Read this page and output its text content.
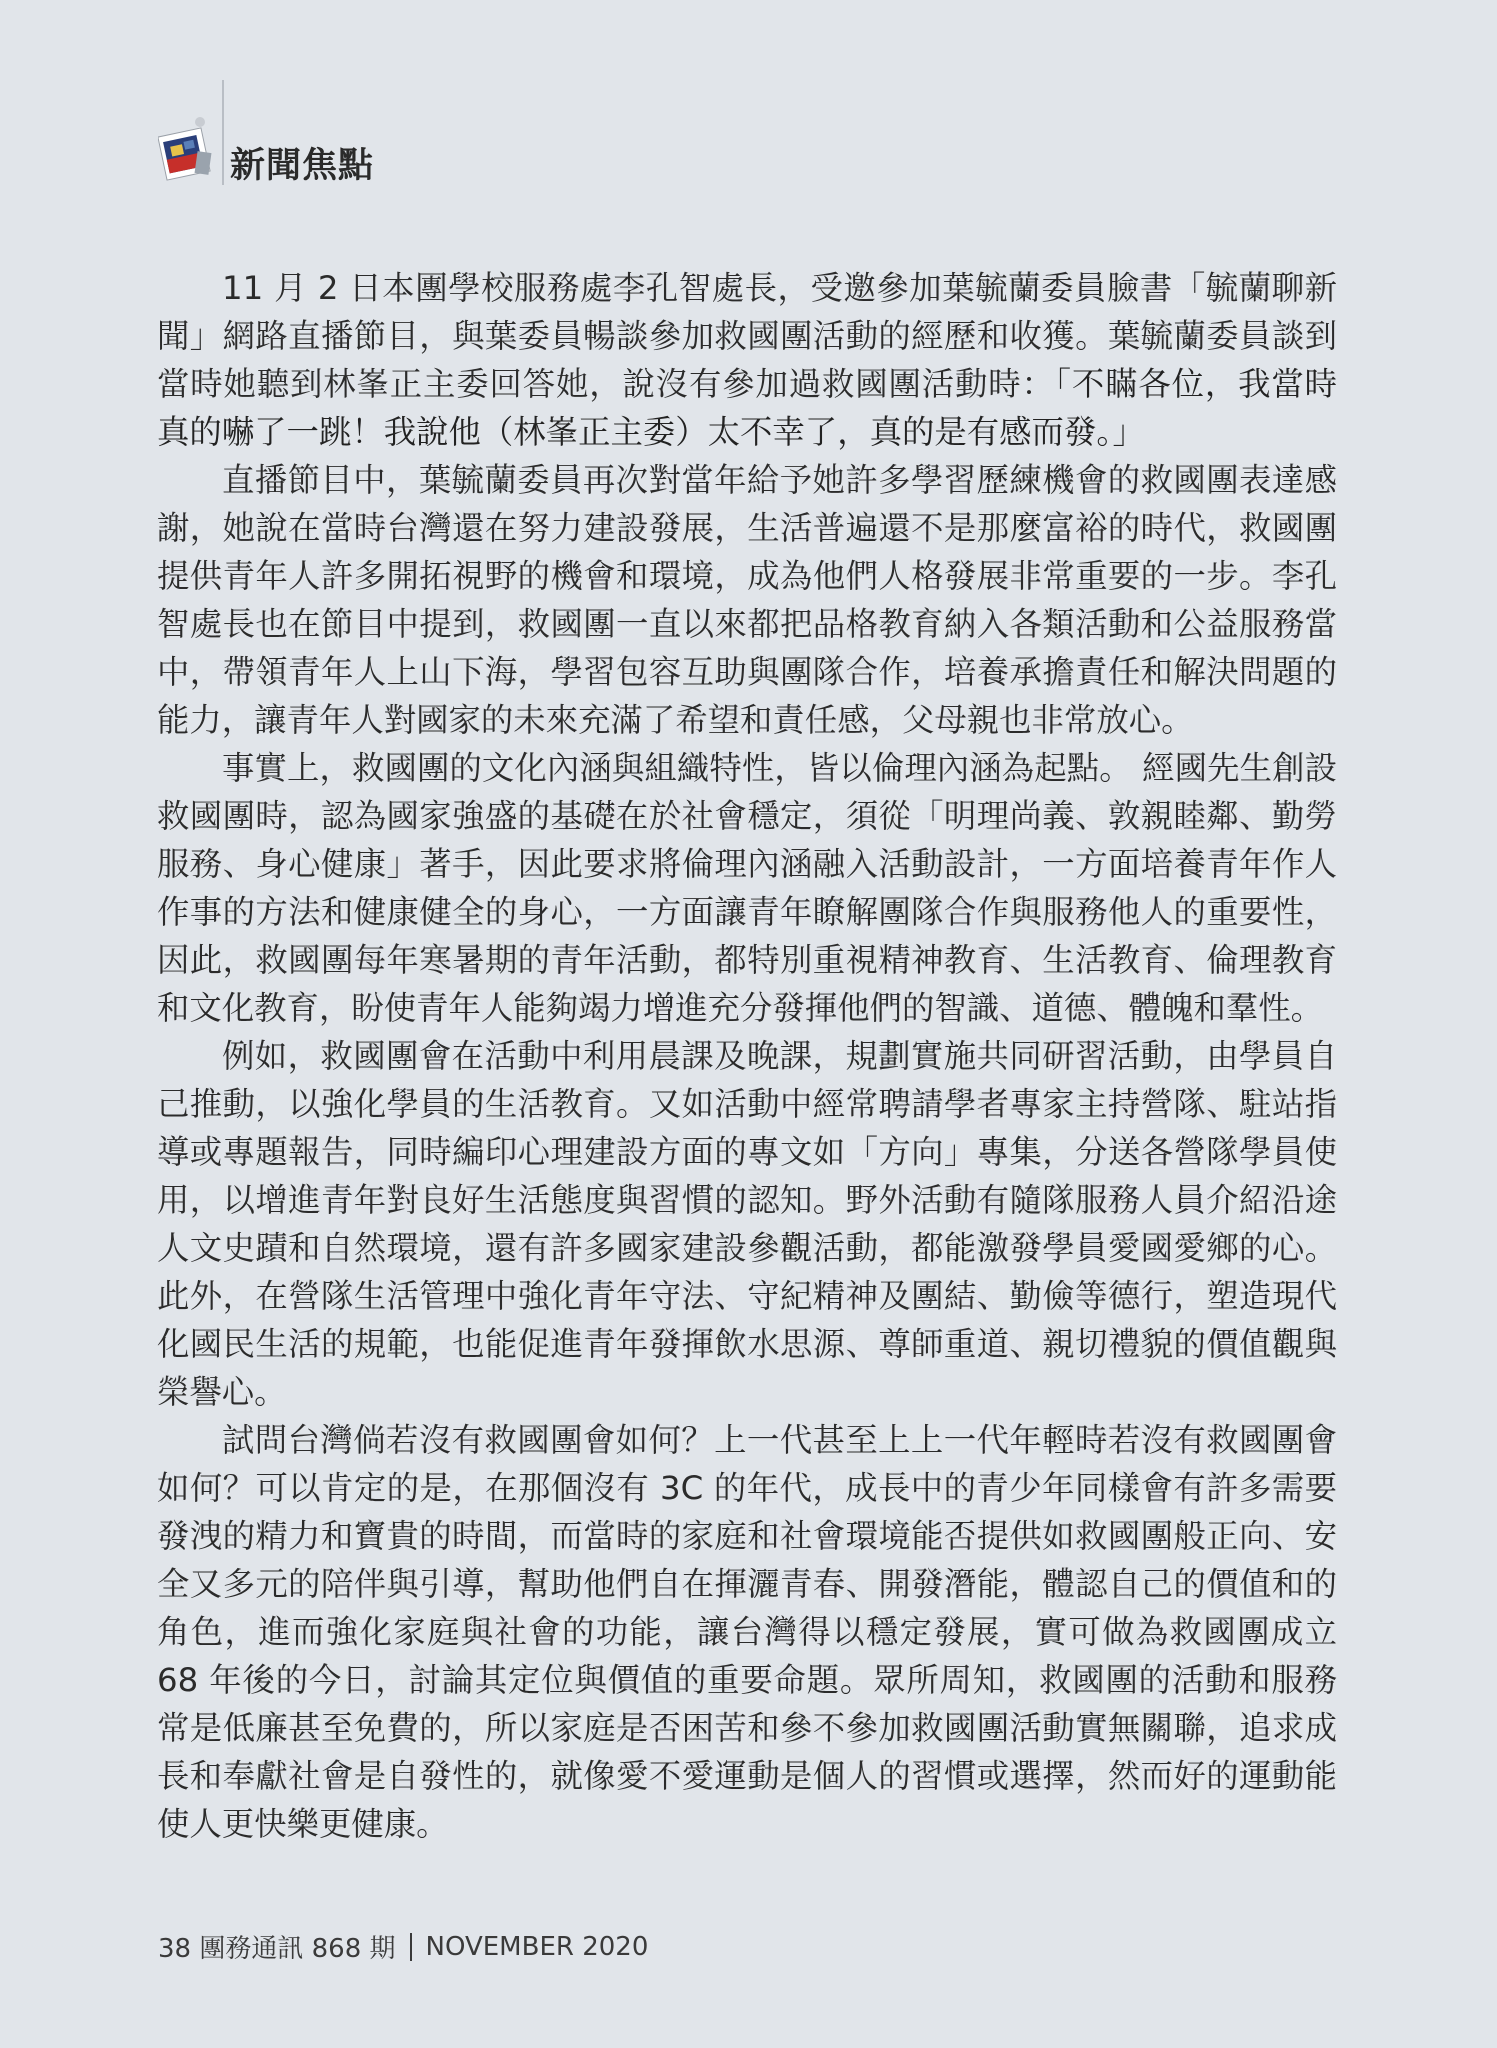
新聞焦點

11 月 2 日本團學校服務處李孔智處長，受邀參加葉毓蘭委員臉書「毓蘭聊新聞」網路直播節目，與葉委員暢談參加救國團活動的經歷和收獲。葉毓蘭委員談到當時她聽到林峯正主委回答她，說沒有參加過救國團活動時：「不瞞各位，我當時真的嚇了一跳！我說他（林峯正主委）太不幸了，真的是有感而發。」

直播節目中，葉毓蘭委員再次對當年給予她許多學習歷練機會的救國團表達感謝，她說在當時台灣還在努力建設發展，生活普遍還不是那麼富裕的時代，救國團提供青年人許多開拓視野的機會和環境，成為他們人格發展非常重要的一步。李孔智處長也在節目中提到，救國團一直以來都把品格教育納入各類活動和公益服務當中，帶領青年人上山下海，學習包容互助與團隊合作，培養承擔責任和解決問題的能力，讓青年人對國家的未來充滿了希望和責任感，父母親也非常放心。

事實上，救國團的文化內涵與組織特性，皆以倫理內涵為起點。 經國先生創設救國團時，認為國家強盛的基礎在於社會穩定，須從「明理尚義、敦親睦鄰、勤勞服務、身心健康」著手，因此要求將倫理內涵融入活動設計，一方面培養青年作人作事的方法和健康健全的身心，一方面讓青年瞭解團隊合作與服務他人的重要性，因此，救國團每年寒暑期的青年活動，都特別重視精神教育、生活教育、倫理教育和文化教育，盼使青年人能夠竭力增進充分發揮他們的智識、道德、體魄和羣性。

例如，救國團會在活動中利用晨課及晚課，規劃實施共同研習活動，由學員自己推動，以強化學員的生活教育。又如活動中經常聘請學者專家主持營隊、駐站指導或專題報告，同時編印心理建設方面的專文如「方向」專集，分送各營隊學員使用，以增進青年對良好生活態度與習慣的認知。野外活動有隨隊服務人員介紹沿途人文史蹟和自然環境，還有許多國家建設參觀活動，都能激發學員愛國愛鄉的心。此外，在營隊生活管理中強化青年守法、守紀精神及團結、勤儉等德行，塑造現代化國民生活的規範，也能促進青年發揮飲水思源、尊師重道、親切禮貌的價值觀與榮譽心。

試問台灣倘若沒有救國團會如何？上一代甚至上上一代年輕時若沒有救國團會如何？可以肯定的是，在那個沒有 3C 的年代，成長中的青少年同樣會有許多需要發洩的精力和寶貴的時間，而當時的家庭和社會環境能否提供如救國團般正向、安全又多元的陪伴與引導，幫助他們自在揮灑青春、開發潛能，體認自己的價值和的角色，進而強化家庭與社會的功能，讓台灣得以穩定發展，實可做為救國團成立 68 年後的今日，討論其定位與價值的重要命題。眾所周知，救國團的活動和服務常是低廉甚至免費的，所以家庭是否困苦和參不參加救國團活動實無關聯，追求成長和奉獻社會是自發性的，就像愛不愛運動是個人的習慣或選擇，然而好的運動能使人更快樂更健康。

38 團務通訊 868 期 NOVEMBER 2020
